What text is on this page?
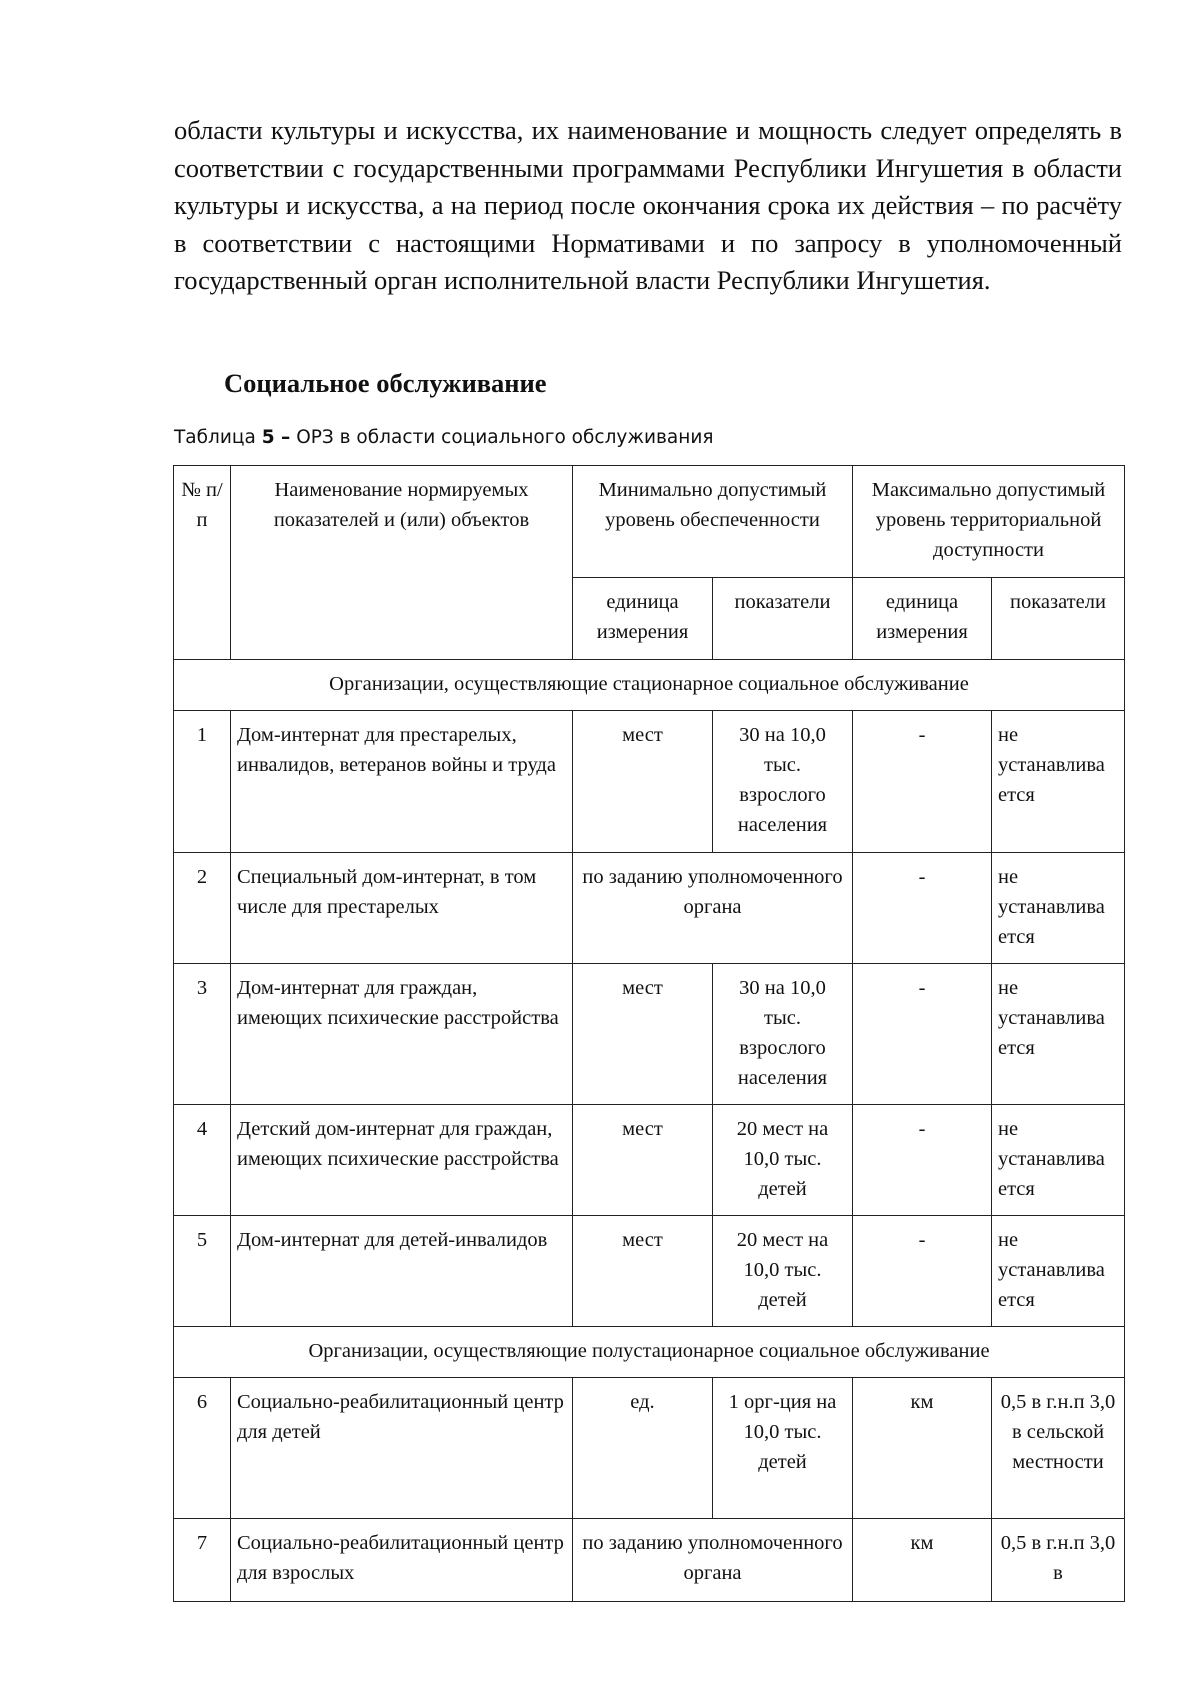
области культуры и искусства, их наименование и мощность следует определять в соответствии с государственными программами Республики Ингушетия в области культуры и искусства, а на период после окончания срока их действия – по расчёту в соответствии с настоящими Нормативами и по запросу в уполномоченный государственный орган исполнительной власти Республики Ингушетия.

Социальное обслуживание

Таблица 5 – ОРЗ в области социального обслуживания

№ п/п	Наименование нормируемых показателей и (или) объектов	Минимально допустимый уровень обеспеченности		Максимально допустимый уровень территориальной доступности	
		единица измерения	показатели	единица измерения	показатели
Организации, осуществляющие стационарное социальное обслуживание					
1	Дом-интернат для престарелых, инвалидов, ветеранов войны и труда	мест	30 на 10,0 тыс. взрослого населения	-	не устанавлива ется
2	Специальный дом-интернат, в том числе для престарелых	по заданию уполномоченного органа		-	не устанавлива ется
3	Дом-интернат для граждан, имеющих психические расстройства	мест	30 на 10,0 тыс. взрослого населения	-	не устанавлива ется
4	Детский дом-интернат для граждан, имеющих психические расстройства	мест	20 мест на 10,0 тыс. детей	-	не устанавлива ется
5	Дом-интернат для детей-инвалидов	мест	20 мест на 10,0 тыс. детей	-	не устанавлива ется
Организации, осуществляющие полустационарное социальное обслуживание					
6	Социально-реабилитационный центр для детей	ед.	1 орг-ция на 10,0 тыс. детей	км	0,5 в г.н.п 3,0 в сельской местности
7	Социально-реабилитационный центр для взрослых	по заданию уполномоченного органа		км	0,5 в г.н.п 3,0 в
